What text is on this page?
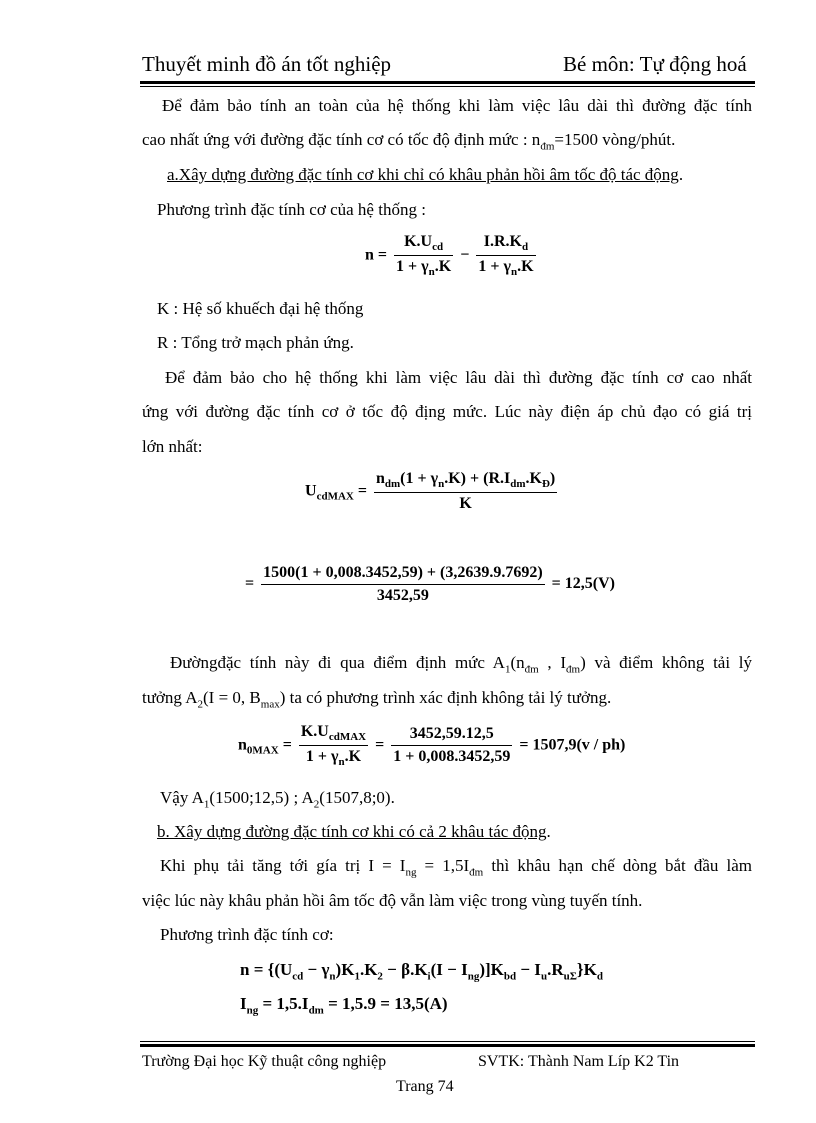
Thuyết minh đồ án tốt nghiệp	Bé môn: Tự động hoá
Để đảm bảo tính an toàn của hệ thống khi làm việc lâu dài thì đường đặc tính
cao nhất ứng với đường đặc tính cơ có tốc độ định mức : $n_{đm}=1500$ vòng/phút.
a.Xây dựng đường đặc tính cơ khi chỉ có khâu phản hồi âm tốc độ tác động.
Phương trình đặc tính cơ của hệ thống :
$n = \frac{K.U_{cd}}{1 + \gamma_n.K} - \frac{I.R.K_d}{1 + \gamma_n.K}$
K : Hệ số khuếch đại hệ thống
R : Tổng trở mạch phản ứng.
Để đảm bảo cho hệ thống khi làm việc lâu dài thì đường đặc tính cơ cao nhất
ứng với đường đặc tính cơ ở tốc độ địng mức. Lúc này điện áp chủ đạo có giá trị
lớn nhất:
$U_{cdMAX} = \frac{n_{dm}(1 + \gamma_n.K) + (R.I_{dm}.K_Đ)}{K}$
= $\frac{1500(1 + 0,008.3452,59) + (3,2639.9.7692)}{3452,59} = 12,5(V)$
Đườngđặc tính này đi qua điểm định mức $A_1(n_{đm}$ , $I_{đm}$) và điểm không tải lý
tưởng $A_2(I = 0$, $B_{max}$) ta có phương trình xác định không tải lý tưởng.
$n_{0MAX} = \frac{K.U_{cdMAX}}{1 + \gamma_n.K} = \frac{3452,59.12,5}{1 + 0,008.3452,59} = 1507,9(v / ph)$
Vậy $A_1(1500;12,5)$ ; $A_2(1507,8;0)$.
b. Xây dựng đường đặc tính cơ khi có cả 2 khâu tác động.
Khi phụ tải tăng tới gía trị $I = I_{ng} = 1,5I_{đm}$ thì khâu hạn chế dòng bắt đầu làm
việc lúc này khâu phản hồi âm tốc độ vẫn làm việc trong vùng tuyến tính.
Phương trình đặc tính cơ:
$n = \{(U_{cd} - \gamma_n)K_1.K_2 - \beta.K_i(I - I_{ng})]K_{bd} - I_u.R_{u\Sigma}\}K_d$
$I_{ng} = 1,5.I_{dm} = 1,5.9 = 13,5(A)$
Trường Đại học Kỹ thuật công nghiệp	SVTK: Thành Nam Líp K2 Tin
Trang 74
